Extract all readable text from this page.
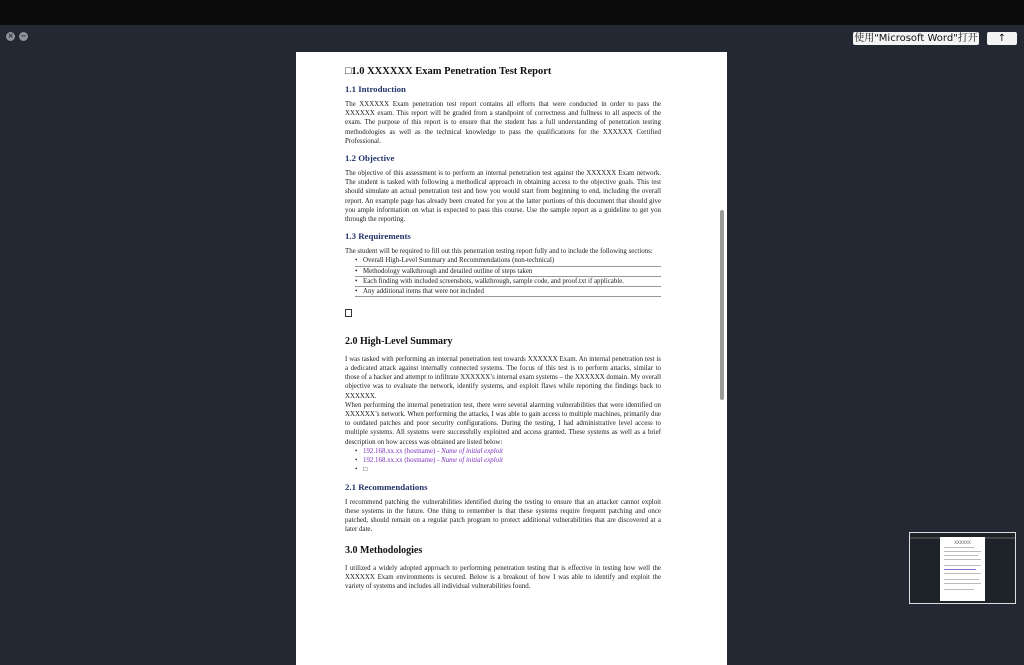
× −	使用"Microsoft Word"打开	↑
□1.0 XXXXXX Exam Penetration Test Report
1.1 Introduction

The XXXXXX Exam penetration test report contains all efforts that were conducted in order to pass the XXXXXX exam. This report will be graded from a standpoint of correctness and fullness to all aspects of the exam. The purpose of this report is to ensure that the student has a full understanding of penetration testing methodologies as well as the technical knowledge to pass the qualifications for the XXXXXX Certified Professional.

1.2 Objective

The objective of this assessment is to perform an internal penetration test against the XXXXXX Exam network. The student is tasked with following a methodical approach in obtaining access to the objective goals. This test should simulate an actual penetration test and how you would start from beginning to end, including the overall report. An example page has already been created for you at the latter portions of this document that should give you ample information on what is expected to pass this course. Use the sample report as a guideline to get you through the reporting.

1.3 Requirements

The student will be required to fill out this penetration testing report fully and to include the following sections:

• Overall High-Level Summary and Recommendations (non-technical)
• Methodology walkthrough and detailed outline of steps taken
• Each finding with included screenshots, walkthrough, sample code, and proof.txt if applicable.
• Any additional items that were not included
2.0 High-Level Summary

I was tasked with performing an internal penetration test towards XXXXXX Exam. An internal penetration test is a dedicated attack against internally connected systems. The focus of this test is to perform attacks, similar to those of a hacker and attempt to infiltrate XXXXXX’s internal exam systems – the XXXXXX domain. My overall objective was to evaluate the network, identify systems, and exploit flaws while reporting the findings back to XXXXXX.

When performing the internal penetration test, there were several alarming vulnerabilities that were identified on XXXXXX’s network. When performing the attacks, I was able to gain access to multiple machines, primarily due to outdated patches and poor security configurations. During the testing, I had administrative level access to multiple systems. All systems were successfully exploited and access granted. These systems as well as a brief description on how access was obtained are listed below:

• 192.168.xx.xx (hostname) - Name of initial exploit
• 192.168.xx.xx (hostname) - Name of initial exploit
• □
2.1 Recommendations

I recommend patching the vulnerabilities identified during the testing to ensure that an attacker cannot exploit these systems in the future. One thing to remember is that these systems require frequent patching and once patched, should remain on a regular patch program to protect additional vulnerabilities that are discovered at a later date.

3.0 Methodologies

I utilized a widely adopted approach to performing penetration testing that is effective in testing how well the XXXXXX Exam environments is secured. Below is a breakout of how I was able to identify and exploit the variety of systems and includes all individual vulnerabilities found.

XXXXXX
